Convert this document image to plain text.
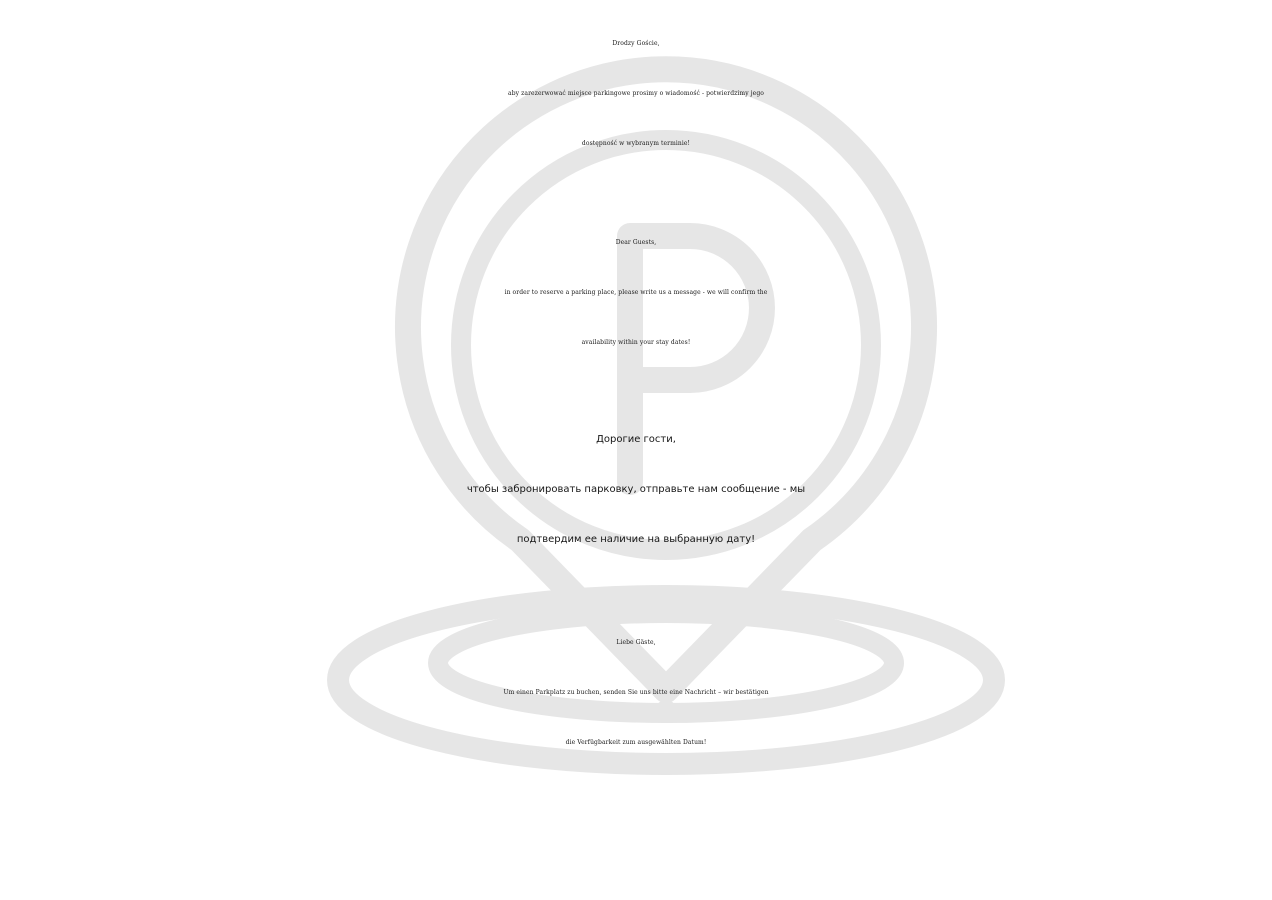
Drodzy Goście,
aby zarezerwować miejsce parkingowe prosimy o wiadomość - potwierdzimy jego
dostępność w wybranym terminie!
Dear Guests,
in order to reserve a parking place, please write us a message - we will confirm the
availability within your stay dates!
Дорогие гости,
чтобы забронировать парковку, отправьте нам сообщение - мы
подтвердим ее наличие на выбранную дату!
Liebe Gäste,
Um einen Parkplatz zu buchen, senden Sie uns bitte eine Nachricht – wir bestätigen
die Verfügbarkeit zum ausgewählten Datum!
